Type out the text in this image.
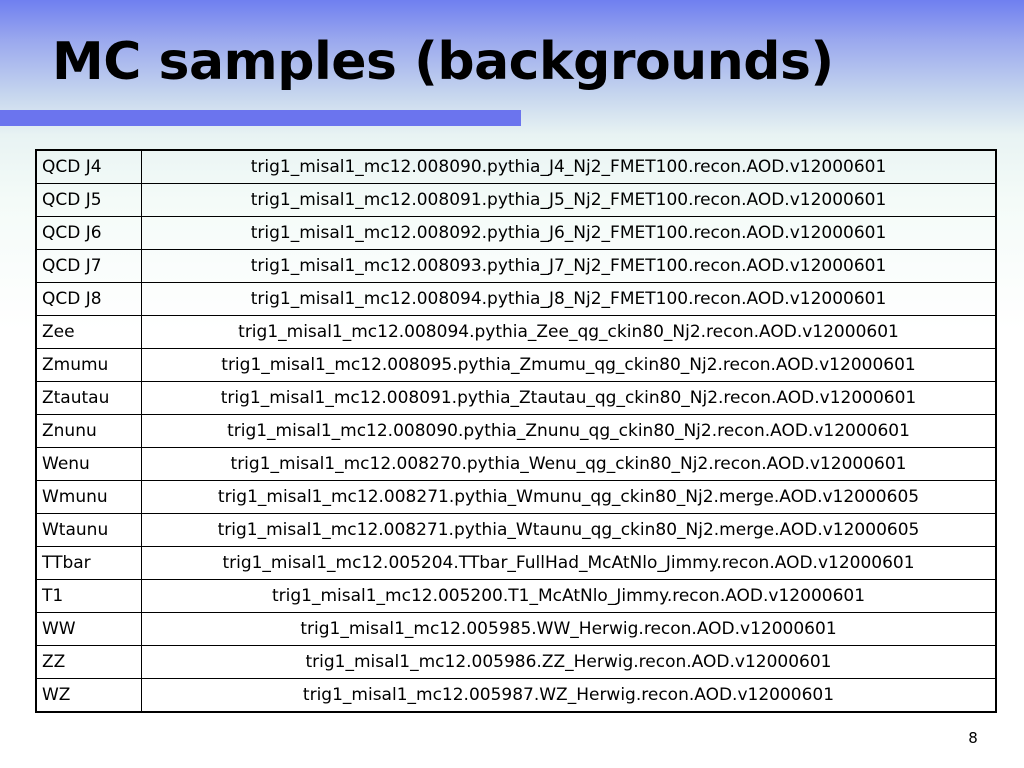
MC samples (backgrounds)
QCD J4	trig1_misal1_mc12.008090.pythia_J4_Nj2_FMET100.recon.AOD.v12000601
QCD J5	trig1_misal1_mc12.008091.pythia_J5_Nj2_FMET100.recon.AOD.v12000601
QCD J6	trig1_misal1_mc12.008092.pythia_J6_Nj2_FMET100.recon.AOD.v12000601
QCD J7	trig1_misal1_mc12.008093.pythia_J7_Nj2_FMET100.recon.AOD.v12000601
QCD J8	trig1_misal1_mc12.008094.pythia_J8_Nj2_FMET100.recon.AOD.v12000601
Zee	trig1_misal1_mc12.008094.pythia_Zee_qg_ckin80_Nj2.recon.AOD.v12000601
Zmumu	trig1_misal1_mc12.008095.pythia_Zmumu_qg_ckin80_Nj2.recon.AOD.v12000601
Ztautau	trig1_misal1_mc12.008091.pythia_Ztautau_qg_ckin80_Nj2.recon.AOD.v12000601
Znunu	trig1_misal1_mc12.008090.pythia_Znunu_qg_ckin80_Nj2.recon.AOD.v12000601
Wenu	trig1_misal1_mc12.008270.pythia_Wenu_qg_ckin80_Nj2.recon.AOD.v12000601
Wmunu	trig1_misal1_mc12.008271.pythia_Wmunu_qg_ckin80_Nj2.merge.AOD.v12000605
Wtaunu	trig1_misal1_mc12.008271.pythia_Wtaunu_qg_ckin80_Nj2.merge.AOD.v12000605
TTbar	trig1_misal1_mc12.005204.TTbar_FullHad_McAtNlo_Jimmy.recon.AOD.v12000601
T1	trig1_misal1_mc12.005200.T1_McAtNlo_Jimmy.recon.AOD.v12000601
WW	trig1_misal1_mc12.005985.WW_Herwig.recon.AOD.v12000601
ZZ	trig1_misal1_mc12.005986.ZZ_Herwig.recon.AOD.v12000601
WZ	trig1_misal1_mc12.005987.WZ_Herwig.recon.AOD.v12000601
8
